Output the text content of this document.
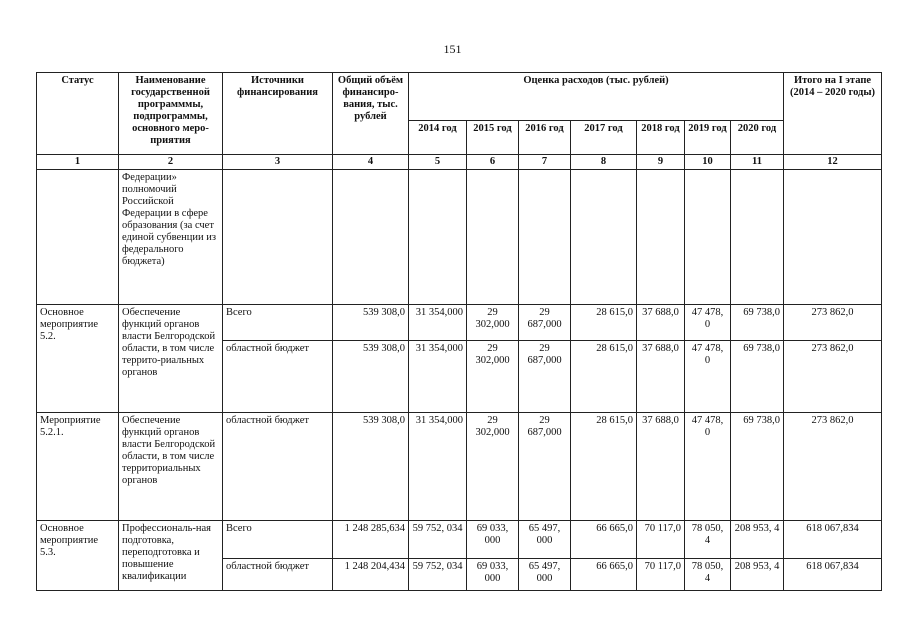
151
Статус	Наименование государственной программмы, подпрограммы, основного меро-приятия	Источники финансирования	Общий объём финансиро-вания, тыс. рублей	Оценка расходов (тыс. рублей)							Итого на I этапе (2014 – 2020 годы)
				2014 год	2015 год	2016 год	2017 год	2018 год	2019 год	2020 год	
1	2	3	4	5	6	7	8	9	10	11	12
	Федерации» полномочий Российской Федерации в сфере образования (за счет единой субвенции из федерального бюджета)										
Основное мероприятие 5.2.	Обеспечение функций органов власти Белгородской области, в том числе террито-риальных органов	Всего	539 308,0	31 354,000	29 302,000	29 687,000	28 615,0	37 688,0	47 478, 0	69 738,0	273 862,0
		областной бюджет	539 308,0	31 354,000	29 302,000	29 687,000	28 615,0	37 688,0	47 478, 0	69 738,0	273 862,0
Мероприятие 5.2.1.	Обеспечение функций органов власти Белгородской области, в том числе территориальных органов	областной бюджет	539 308,0	31 354,000	29 302,000	29 687,000	28 615,0	37 688,0	47 478, 0	69 738,0	273 862,0
Основное мероприятие 5.3.	Профессиональ-ная подготовка, переподготовка и повышение квалификации	Всего	1 248 285,634	59 752, 034	69 033, 000	65 497, 000	66 665,0	70 117,0	78 050, 4	208 953, 4	618 067,834
		областной бюджет	1 248 204,434	59 752, 034	69 033, 000	65 497, 000	66 665,0	70 117,0	78 050, 4	208 953, 4	618 067,834
